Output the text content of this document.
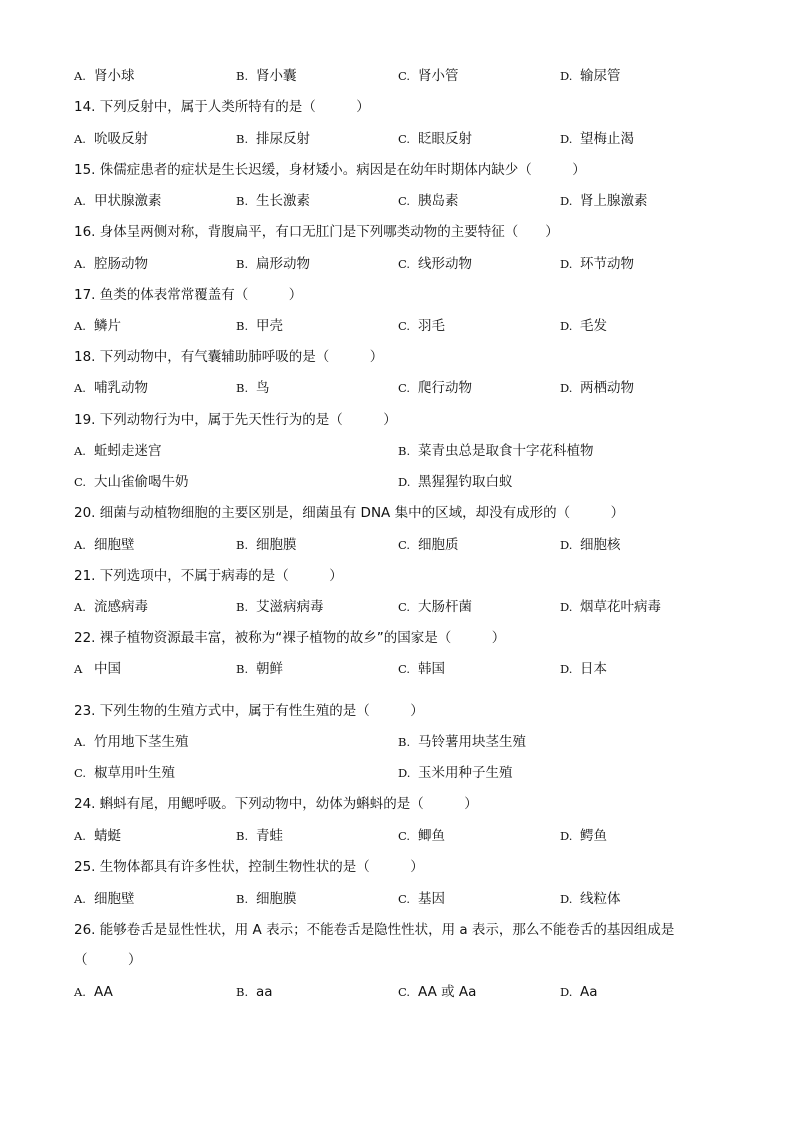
A. 肾小球	B. 肾小囊	C. 肾小管	D. 输尿管
14. 下列反射中，属于人类所特有的是（　　　）
A. 吮吸反射	B. 排尿反射	C. 眨眼反射	D. 望梅止渴
15. 侏儒症患者的症状是生长迟缓，身材矮小。病因是在幼年时期体内缺少（　　　）
A. 甲状腺激素	B. 生长激素	C. 胰岛素	D. 肾上腺激素
16. 身体呈两侧对称，背腹扁平，有口无肛门是下列哪类动物的主要特征（　　）
A. 腔肠动物	B. 扁形动物	C. 线形动物	D. 环节动物
17. 鱼类的体表常常覆盖有（　　　）
A. 鳞片	B. 甲壳	C. 羽毛	D. 毛发
18. 下列动物中，有气囊辅助肺呼吸的是（　　　）
A. 哺乳动物	B. 鸟	C. 爬行动物	D. 两栖动物
19. 下列动物行为中，属于先天性行为的是（　　　）
A. 蚯蚓走迷宫	B. 菜青虫总是取食十字花科植物
C. 大山雀偷喝牛奶	D. 黑猩猩钓取白蚁
20. 细菌与动植物细胞的主要区别是，细菌虽有 DNA 集中的区域，却没有成形的（　　　）
A. 细胞壁	B. 细胞膜	C. 细胞质	D. 细胞核
21. 下列选项中，不属于病毒的是（　　　）
A. 流感病毒	B. 艾滋病病毒	C. 大肠杆菌	D. 烟草花叶病毒
22. 裸子植物资源最丰富，被称为“裸子植物的故乡”的国家是（　　　）
A 中国	B. 朝鲜	C. 韩国	D. 日本
23. 下列生物的生殖方式中，属于有性生殖的是（　　　）
A. 竹用地下茎生殖	B. 马铃薯用块茎生殖
C. 椒草用叶生殖	D. 玉米用种子生殖
24. 蝌蚪有尾，用鳃呼吸。下列动物中，幼体为蝌蚪的是（　　　）
A. 蜻蜓	B. 青蛙	C. 鲫鱼	D. 鳄鱼
25. 生物体都具有许多性状，控制生物性状的是（　　　）
A. 细胞壁	B. 细胞膜	C. 基因	D. 线粒体
26. 能够卷舌是显性性状，用 A 表示；不能卷舌是隐性性状，用 a 表示，那么不能卷舌的基因组成是
（　　　）
A. AA	B. aa	C. AA 或 Aa	D. Aa
